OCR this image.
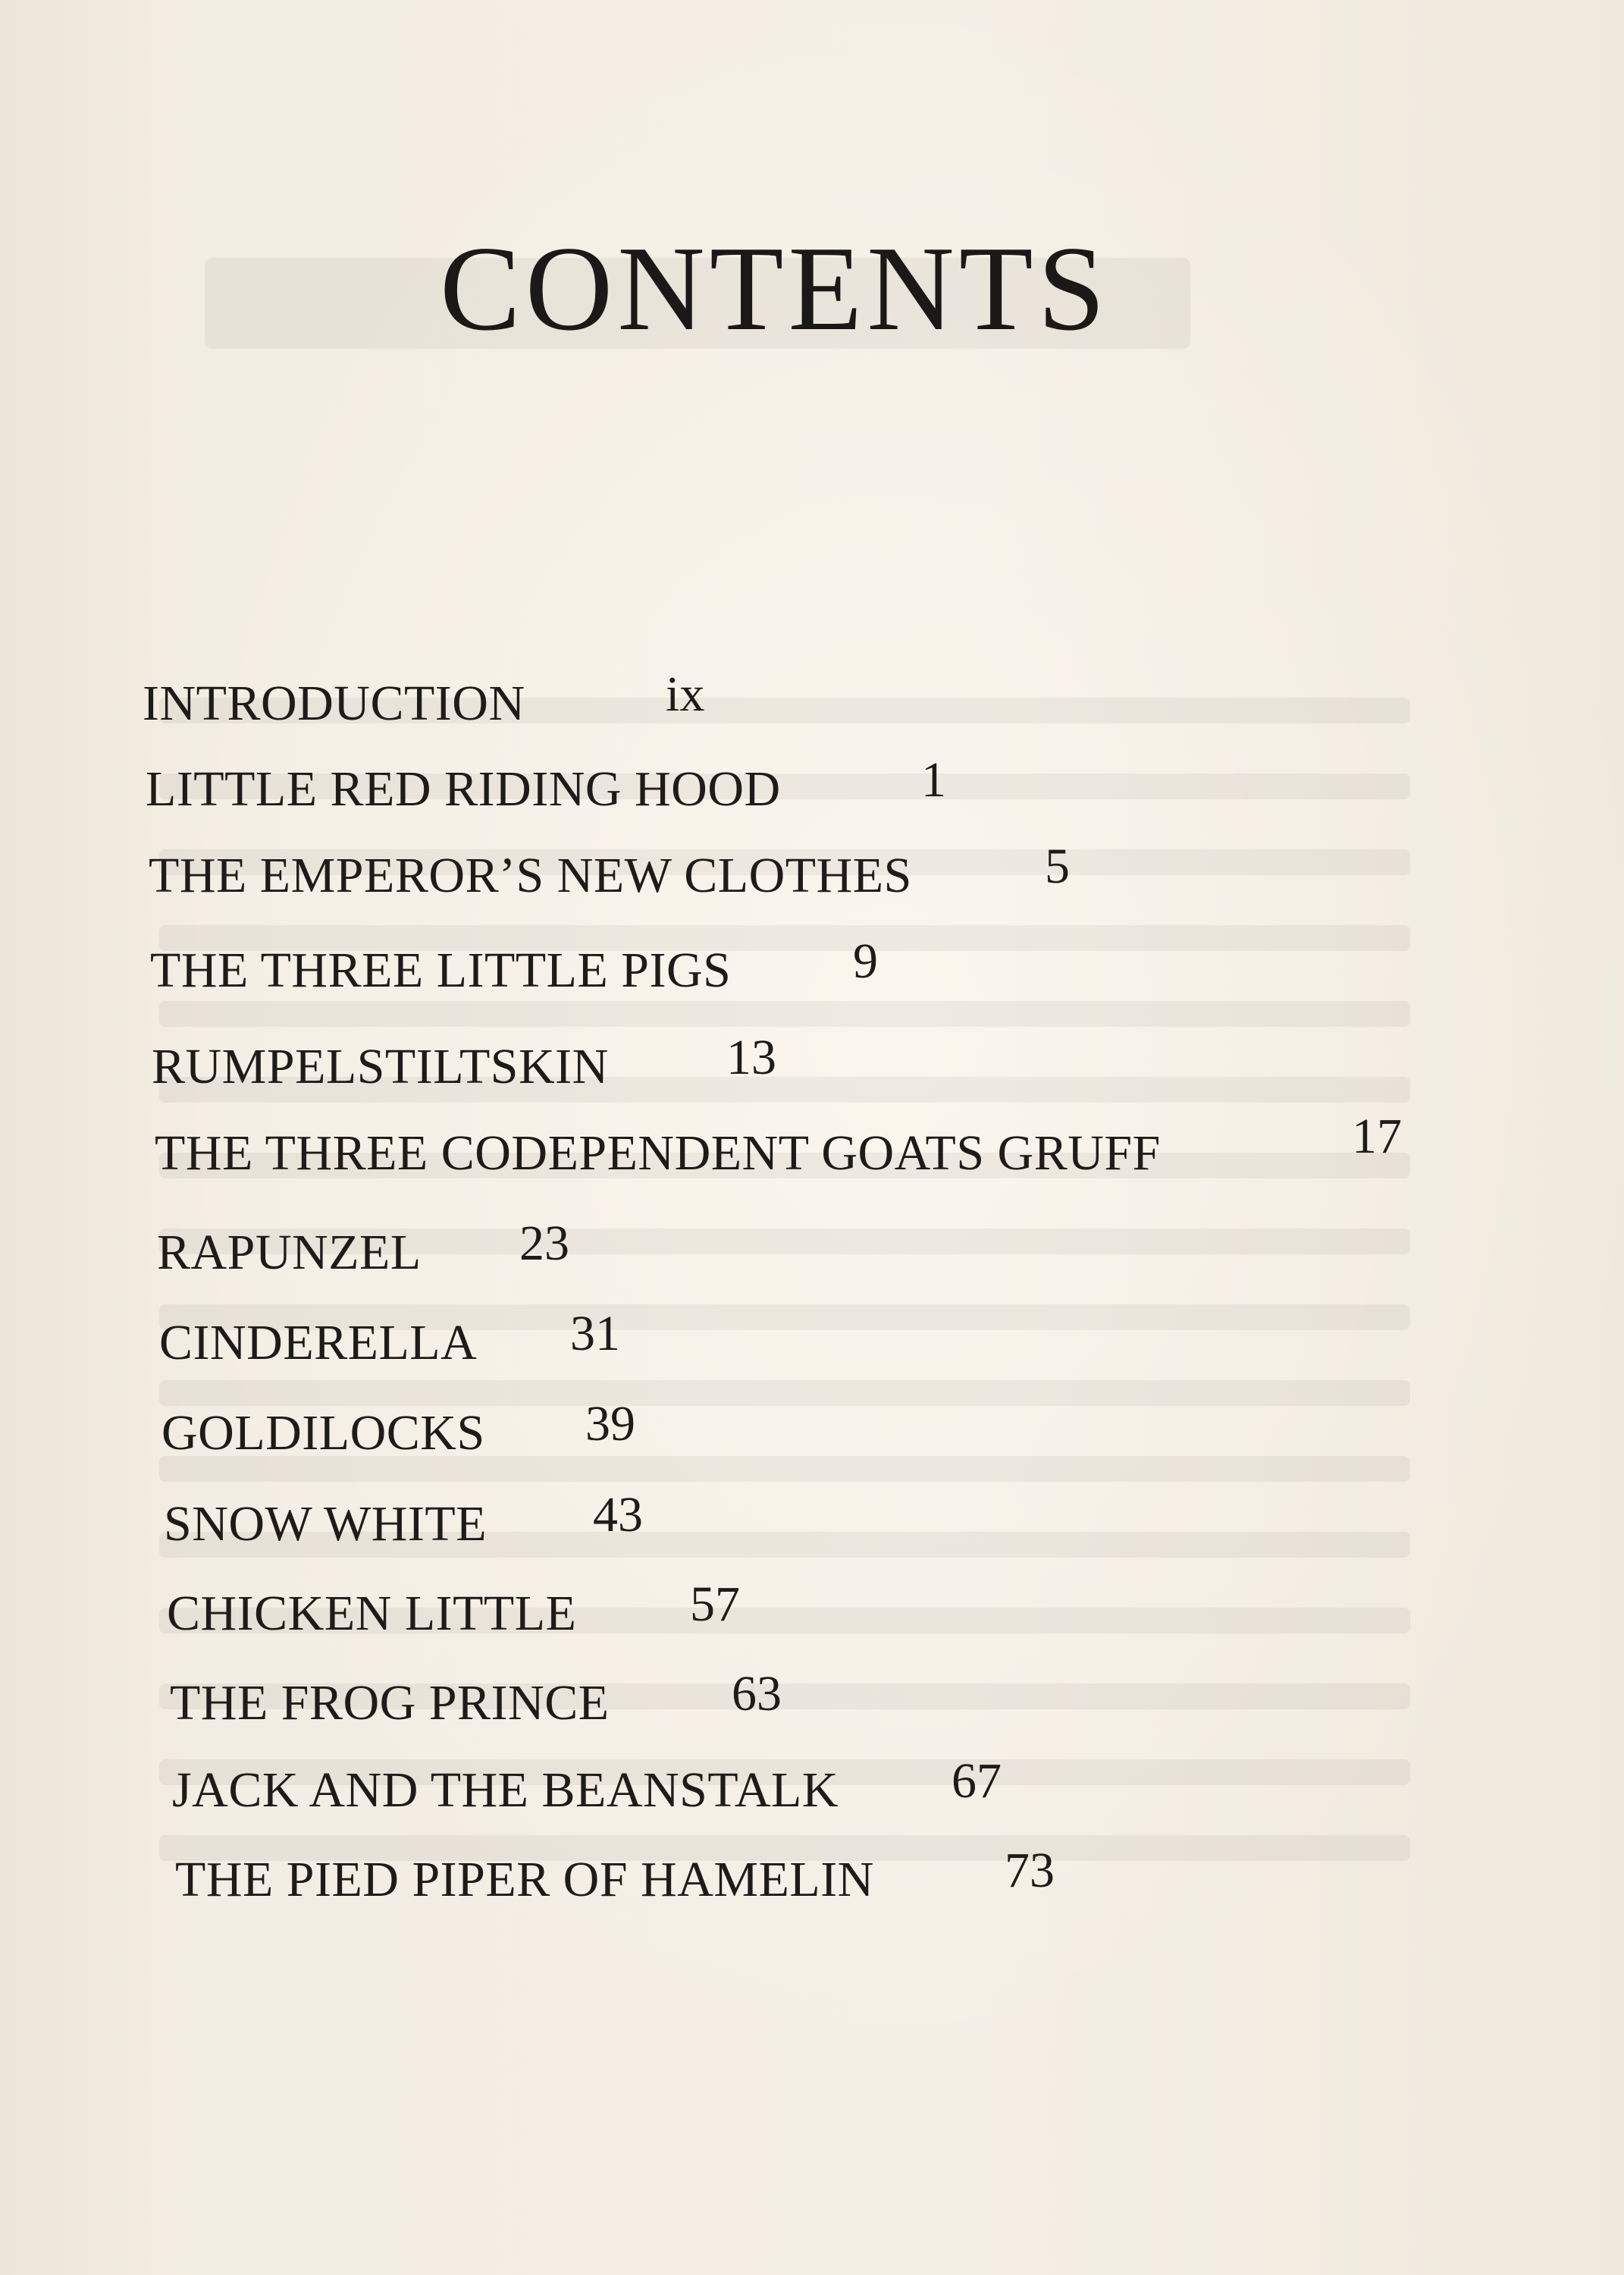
CONTENTS
INTRODUCTION	ix
LITTLE RED RIDING HOOD	1
THE EMPEROR’S NEW CLOTHES	5
THE THREE LITTLE PIGS 9
RUMPELSTILTSKIN 13
THE THREE CODEPENDENT GOATS GRUFF	17
RAPUNZEL 23
CINDERELLA 31
GOLDILOCKS 39
SNOW WHITE 43
CHICKEN LITTLE 57
THE FROG PRINCE 63
JACK AND THE BEANSTALK 67
THE PIED PIPER OF HAMELIN	73
